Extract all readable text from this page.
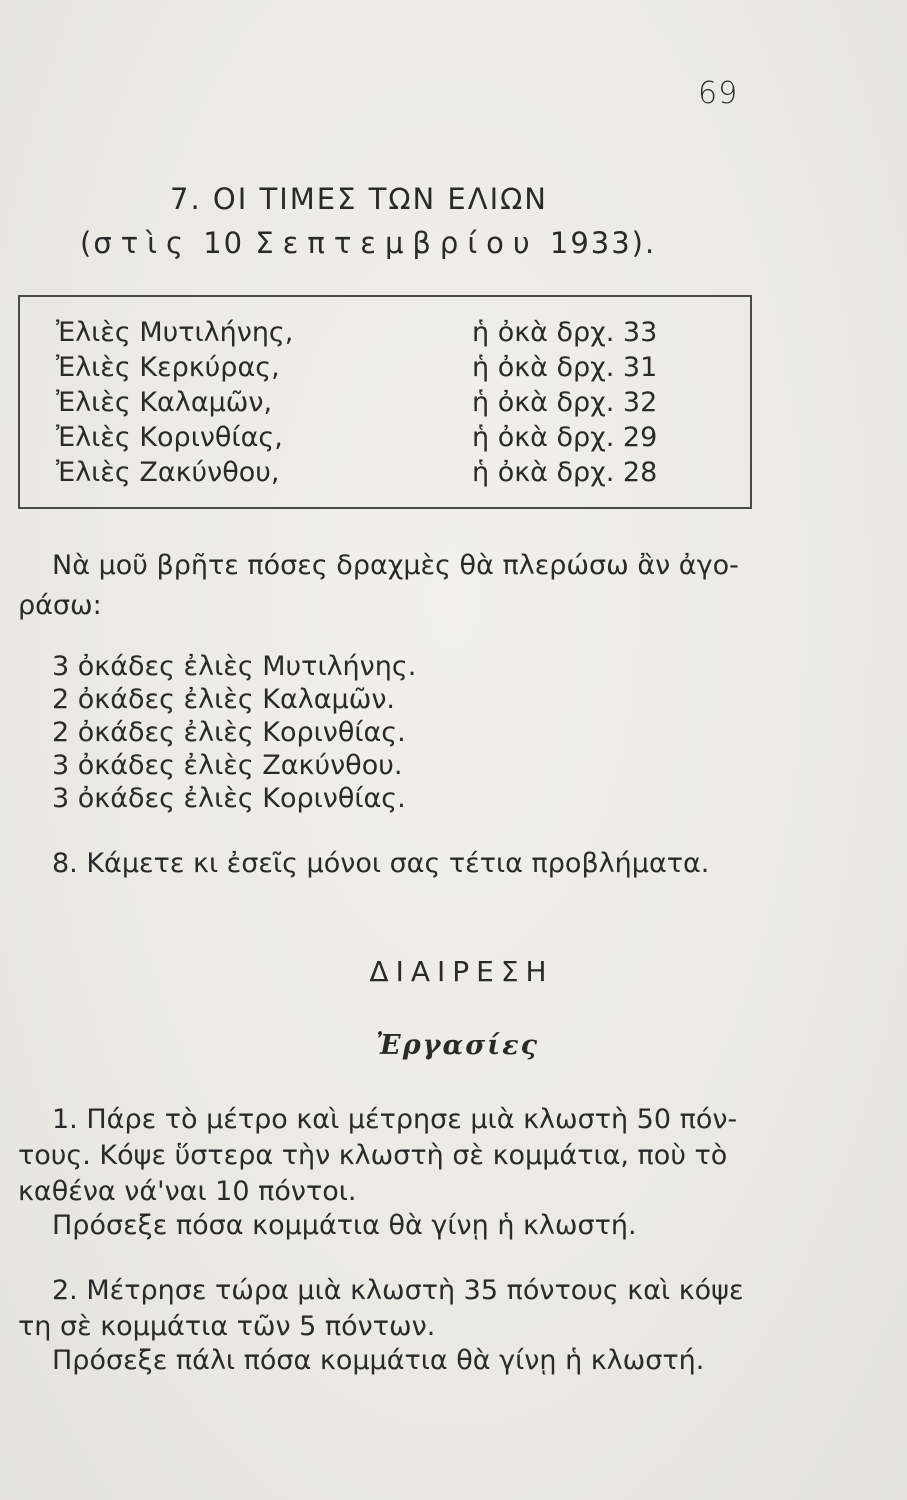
69
7. ΟΙ ΤΙΜΕΣ ΤΩΝ ΕΛΙΩΝ
(στὶς 10 Σεπτεμβρίου 1933).
Ἐλιὲς Μυτιλήνης,	ἡ ὀκὰ δρχ. 33
Ἐλιὲς Κερκύρας,	ἡ ὀκὰ δρχ. 31
Ἐλιὲς Καλαμῶν,	ἡ ὀκὰ δρχ. 32
Ἐλιὲς Κορινθίας,	ἡ ὀκὰ δρχ. 29
Ἐλιὲς Ζακύνθου,	ἡ ὀκὰ δρχ. 28
Νὰ μοῦ βρῆτε πόσες δραχμὲς θὰ πλερώσω ἂν ἀγο-
ράσω:
3 ὀκάδες ἐλιὲς Μυτιλήνης.
2 ὀκάδες ἐλιὲς Καλαμῶν.
2 ὀκάδες ἐλιὲς Κορινθίας.
3 ὀκάδες ἐλιὲς Ζακύνθου.
3 ὀκάδες ἐλιὲς Κορινθίας.
8. Κάμετε κι ἐσεῖς μόνοι σας τέτια προβλήματα.
ΔΙΑΙΡΕΣΗ
Ἐργασίες
1. Πάρε τὸ μέτρο καὶ μέτρησε μιὰ κλωστὴ 50 πόν-
τους. Κόψε ὕστερα τὴν κλωστὴ σὲ κομμάτια, ποὺ τὸ
καθένα νά'ναι 10 πόντοι.
Πρόσεξε πόσα κομμάτια θὰ γίνῃ ἡ κλωστή.
2. Μέτρησε τώρα μιὰ κλωστὴ 35 πόντους καὶ κόψε
τη σὲ κομμάτια τῶν 5 πόντων.
Πρόσεξε πάλι πόσα κομμάτια θὰ γίνῃ ἡ κλωστή.
